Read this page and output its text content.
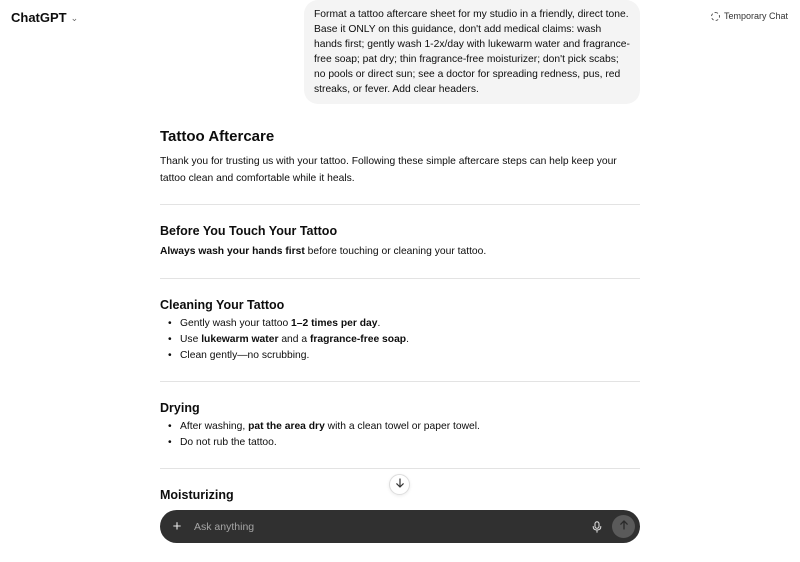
ChatGPT ⌄	Temporary Chat
Format a tattoo aftercare sheet for my studio in a friendly, direct tone. Base it ONLY on this guidance, don't add medical claims: wash hands first; gently wash 1-2x/day with lukewarm water and fragrance-free soap; pat dry; thin fragrance-free moisturizer; don't pick scabs; no pools or direct sun; see a doctor for spreading redness, pus, red streaks, or fever. Add clear headers.
Tattoo Aftercare
Thank you for trusting us with your tattoo. Following these simple aftercare steps can help keep your tattoo clean and comfortable while it heals.
Before You Touch Your Tattoo
Always wash your hands first before touching or cleaning your tattoo.
Cleaning Your Tattoo
• Gently wash your tattoo 1–2 times per day.
• Use lukewarm water and a fragrance-free soap.
• Clean gently—no scrubbing.
Drying
• After washing, pat the area dry with a clean towel or paper towel.
• Do not rub the tattoo.
Moisturizing
+
Ask anything
